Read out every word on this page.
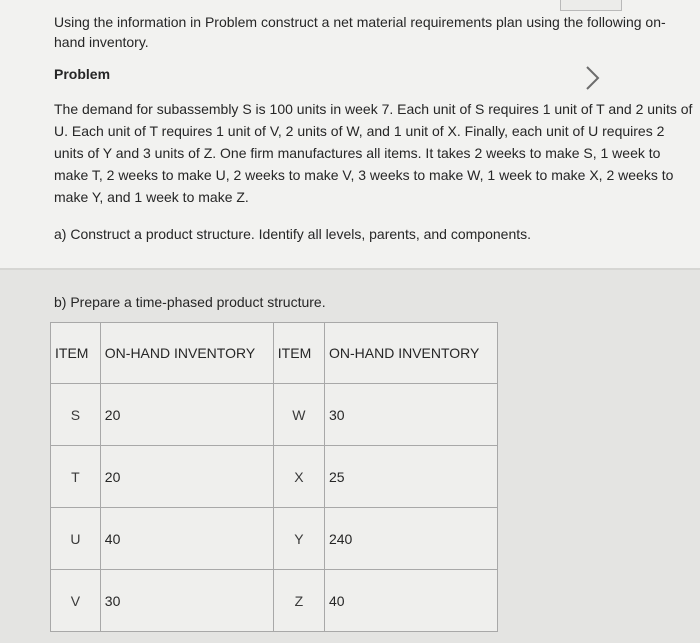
Using the information in Problem construct a net material requirements plan using the following on-hand inventory.
Problem
The demand for subassembly S is 100 units in week 7. Each unit of S requires 1 unit of T and 2 units of U. Each unit of T requires 1 unit of V, 2 units of W, and 1 unit of X. Finally, each unit of U requires 2 units of Y and 3 units of Z. One firm manufactures all items. It takes 2 weeks to make S, 1 week to make T, 2 weeks to make U, 2 weeks to make V, 3 weeks to make W, 1 week to make X, 2 weeks to make Y, and 1 week to make Z.
a) Construct a product structure. Identify all levels, parents, and components.
b) Prepare a time-phased product structure.
ITEM	ON-HAND INVENTORY	ITEM	ON-HAND INVENTORY
S	20	W	30
T	20	X	25
U	40	Y	240
V	30	Z	40
